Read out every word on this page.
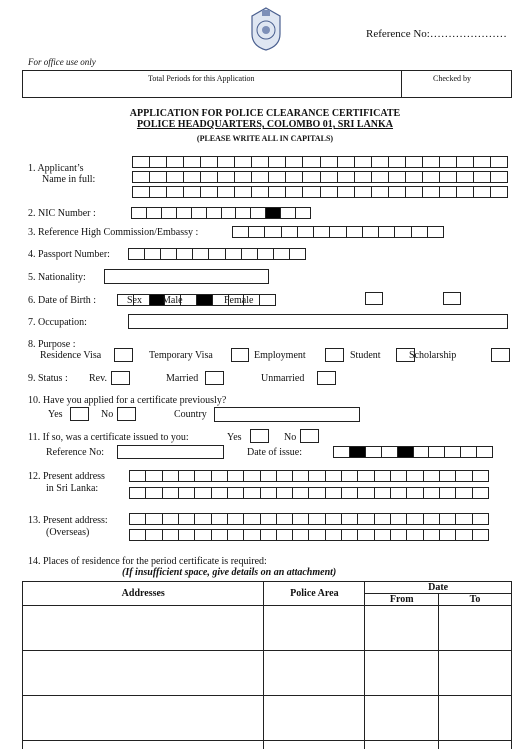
Reference No:…………………
For office use only
Total Periods for this Application	Checked by
APPLICATION FOR POLICE CLEARANCE CERTIFICATE
POLICE HEADQUARTERS, COLOMBO 01, SRI LANKA
(PLEASE WRITE ALL IN CAPITALS)
1. Applicant’s
Name in full:
2. NIC Number :
3. Reference High Commission/Embassy :
4. Passport Number:
5. Nationality:
6. Date of Birth :	Sex Male	Female
7. Occupation:
8. Purpose :
Residence Visa	Temporary Visa	Employment	Student	Scholarship
9. Status : Rev.	Married	Unmarried
10. Have you applied for a certificate previously?
Yes	No	Country
11. If so, was a certificate issued to you:	Yes	No
Reference No:	Date of issue:
12. Present address
in Sri Lanka:
13. Present address:
(Overseas)
14. Places of residence for the period certificate is required:
(If insufficient space, give details on an attachment)
Addresses	Police Area	Date	
		From	To
